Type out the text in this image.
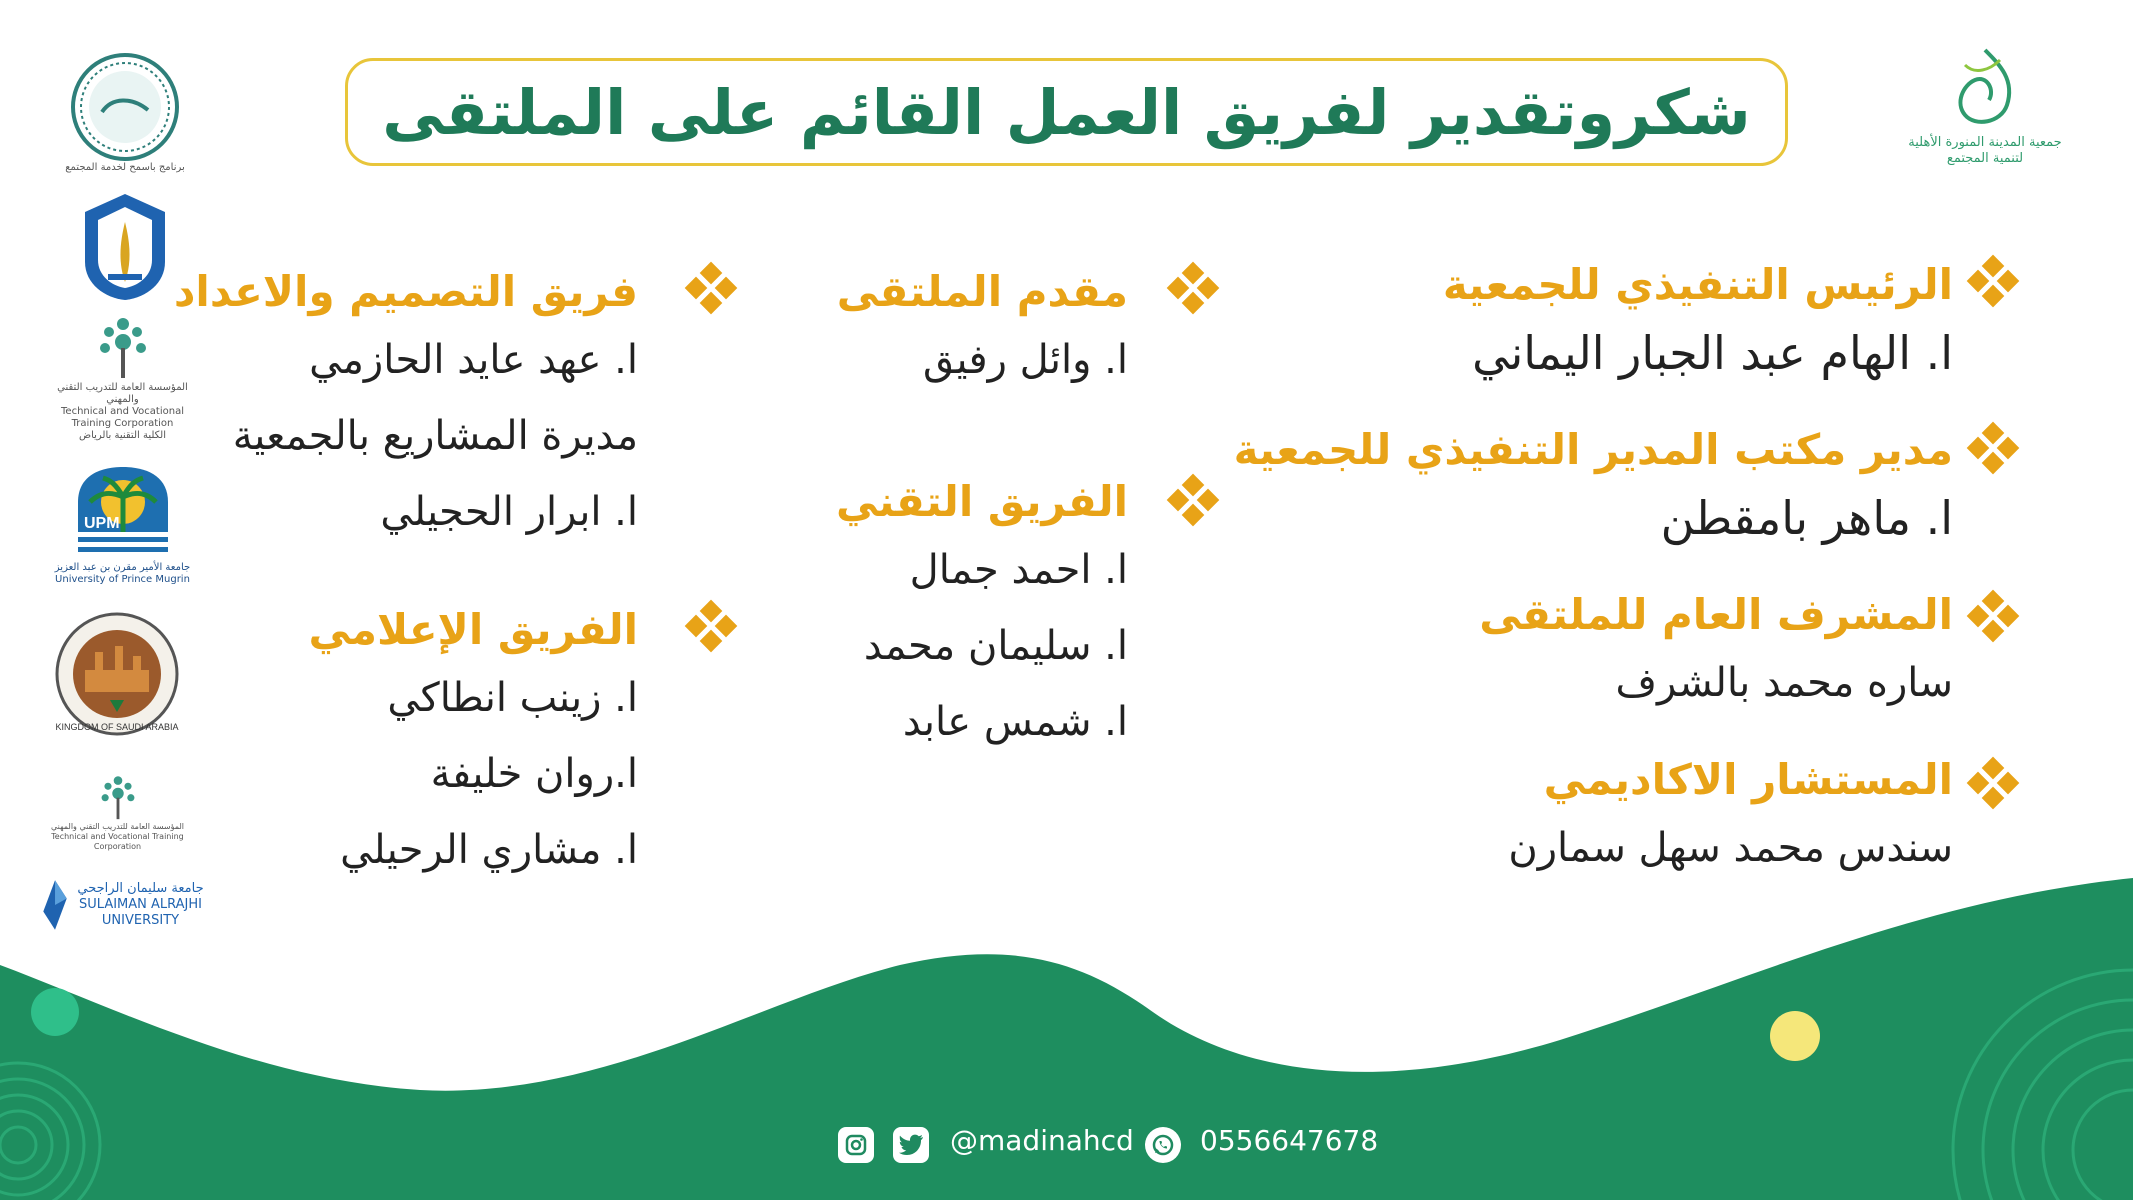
شكروتقدير لفريق العمل القائم على الملتقى	جمعية المدينة المنورة الأهلية
لتنمية المجتمع
برنامج باسمح لخدمة المجتمع
المؤسسة العامة للتدريب التقني والمهني
Technical and Vocational Training Corporation
الكلية التقنية بالرياض
UPM
جامعة الأمير مقرن بن عبد العزيز
University of Prince Mugrin
KINGDOM OF SAUDI ARABIA
المؤسسة العامة للتدريب التقني والمهني
Technical and Vocational Training Corporation
جامعة سليمان الراجحي
SULAIMAN ALRAJHI UNIVERSITY
الرئيس التنفيذي للجمعية
ا. الهام عبد الجبار اليماني
مدير مكتب المدير التنفيذي للجمعية
ا. ماهر بامقطن
المشرف العام للملتقى
ساره محمد بالشرف
المستشار الاكاديمي
سندس محمد سهل سمارن
مقدم الملتقى
ا. وائل رفيق
الفريق التقني
ا. احمد جمال
ا. سليمان محمد
ا. شمس عابد
فريق التصميم والاعداد
ا. عهد عايد الحازمي
مديرة المشاريع بالجمعية
ا. ابرار الحجيلي
الفريق الإعلامي
ا. زينب انطاكي
ا.روان خليفة
ا. مشاري الرحيلي
@madinahcd 0556647678
